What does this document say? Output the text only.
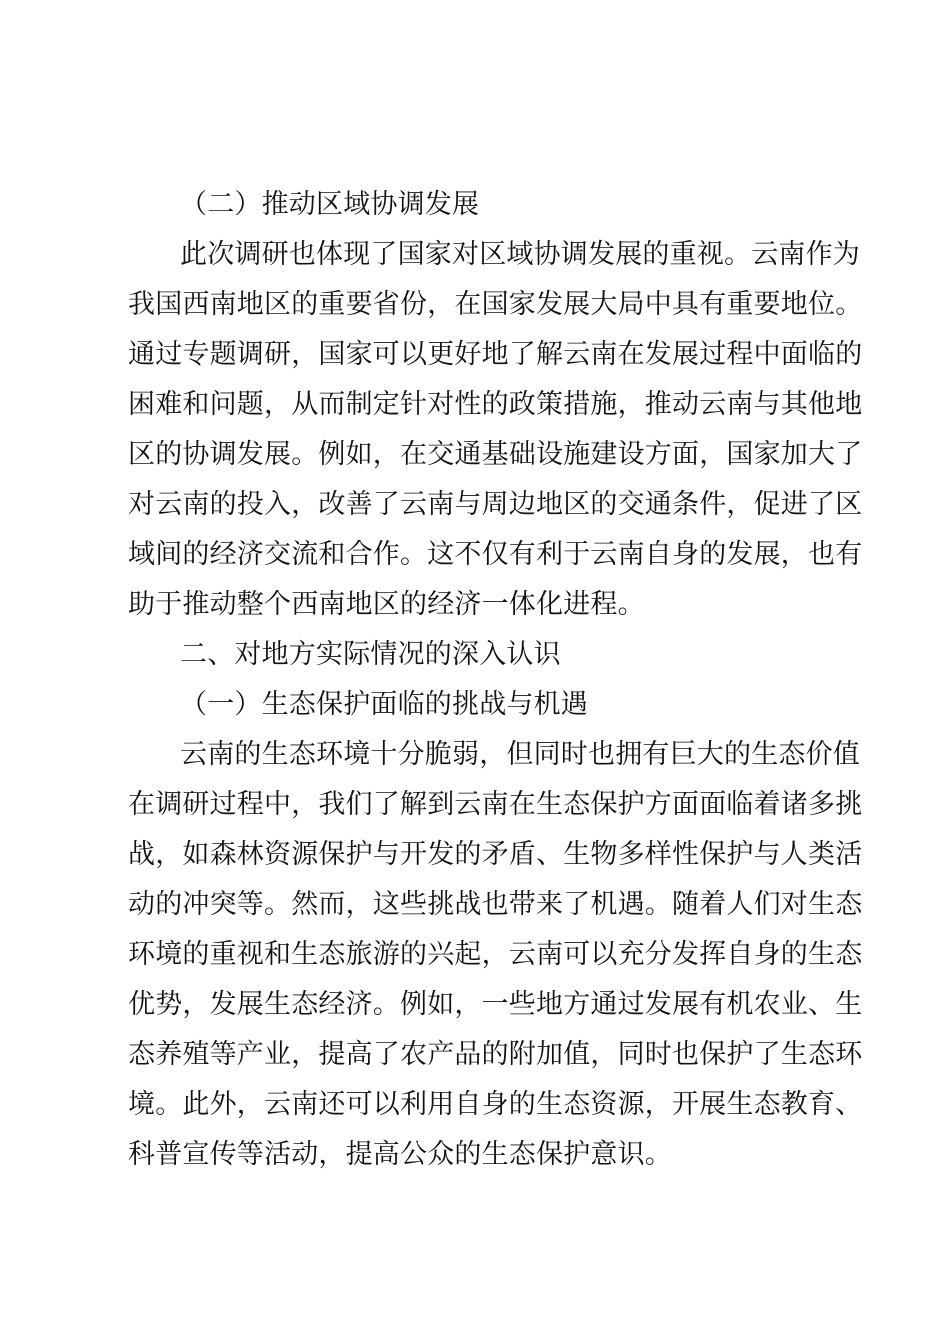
（二）推动区域协调发展
此次调研也体现了国家对区域协调发展的重视。云南作为
我国西南地区的重要省份，在国家发展大局中具有重要地位。
通过专题调研，国家可以更好地了解云南在发展过程中面临的
困难和问题，从而制定针对性的政策措施，推动云南与其他地
区的协调发展。例如，在交通基础设施建设方面，国家加大了
对云南的投入，改善了云南与周边地区的交通条件，促进了区
域间的经济交流和合作。这不仅有利于云南自身的发展，也有
助于推动整个西南地区的经济一体化进程。
二、对地方实际情况的深入认识
（一）生态保护面临的挑战与机遇
云南的生态环境十分脆弱，但同时也拥有巨大的生态价值
在调研过程中，我们了解到云南在生态保护方面面临着诸多挑
战，如森林资源保护与开发的矛盾、生物多样性保护与人类活
动的冲突等。然而，这些挑战也带来了机遇。随着人们对生态
环境的重视和生态旅游的兴起，云南可以充分发挥自身的生态
优势，发展生态经济。例如，一些地方通过发展有机农业、生
态养殖等产业，提高了农产品的附加值，同时也保护了生态环
境。此外，云南还可以利用自身的生态资源，开展生态教育、
科普宣传等活动，提高公众的生态保护意识。
